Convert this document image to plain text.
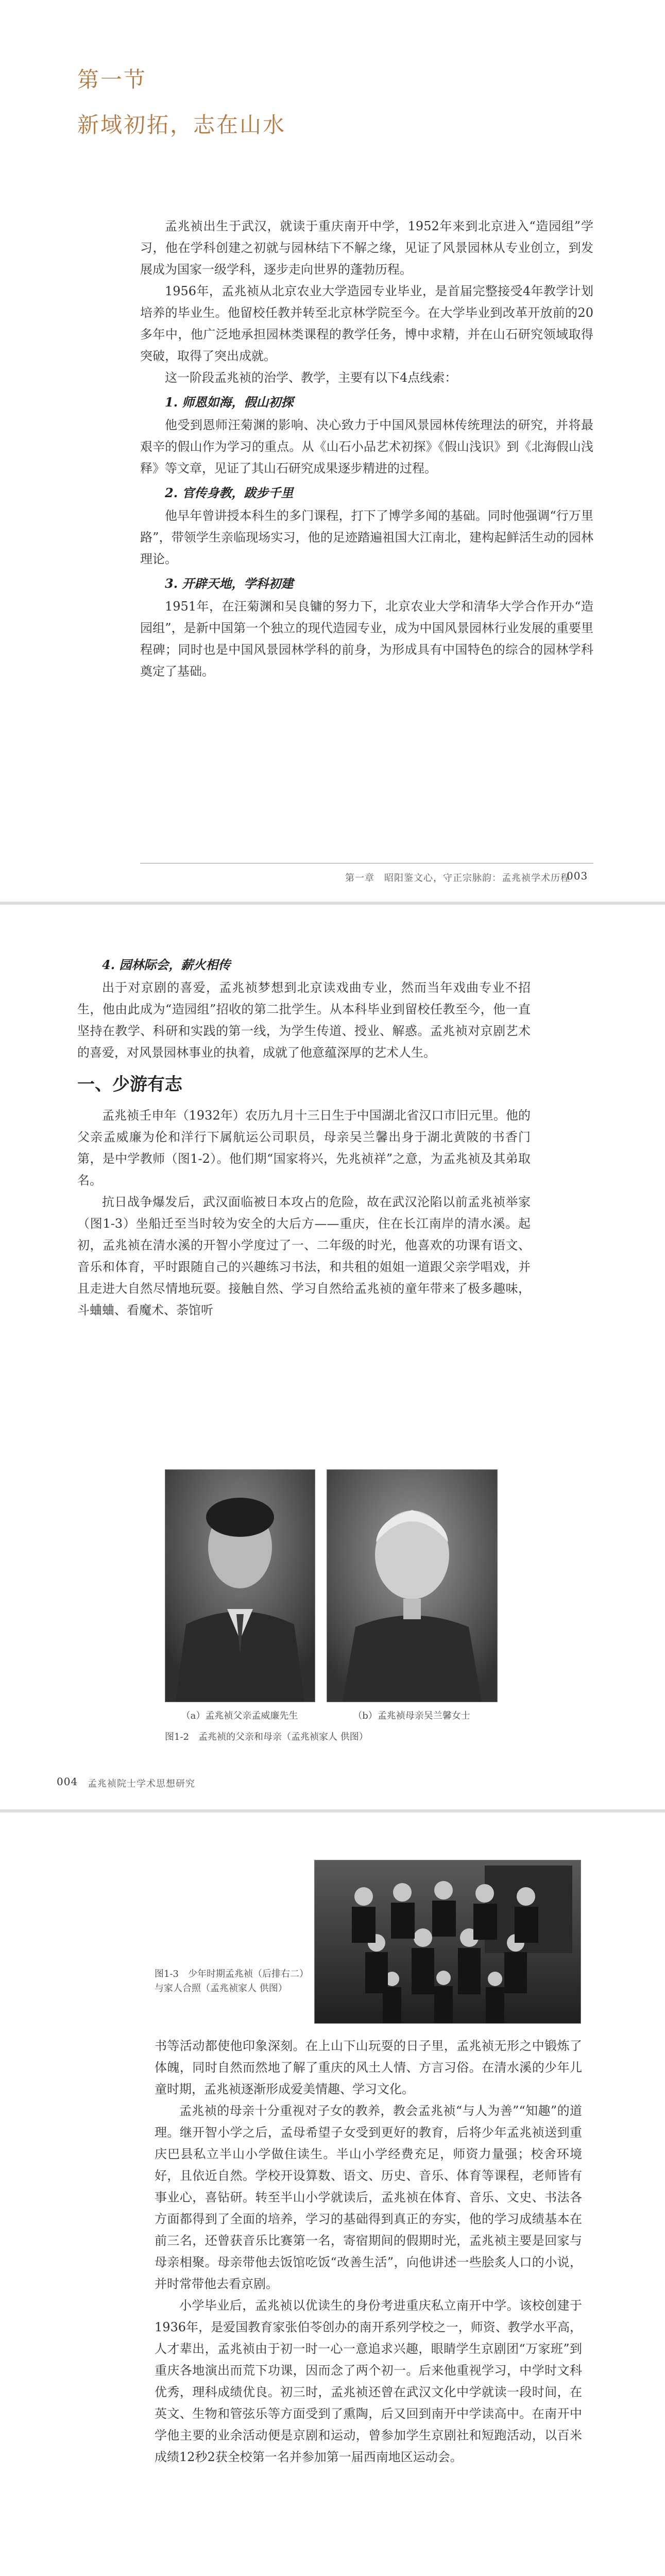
第一节
新域初拓，志在山水

孟兆祯出生于武汉，就读于重庆南开中学，1952年来到北京进入“造园组”学习，他在学科创建之初就与园林结下不解之缘，见证了风景园林从专业创立，到发展成为国家一级学科，逐步走向世界的蓬勃历程。

1956年，孟兆祯从北京农业大学造园专业毕业，是首届完整接受4年教学计划培养的毕业生。他留校任教并转至北京林学院至今。在大学毕业到改革开放前的20多年中，他广泛地承担园林类课程的教学任务，博中求精，并在山石研究领域取得突破，取得了突出成就。

这一阶段孟兆祯的治学、教学，主要有以下4点线索：

1. 师恩如海，假山初探

他受到恩师汪菊渊的影响、决心致力于中国风景园林传统理法的研究，并将最艰辛的假山作为学习的重点。从《山石小品艺术初探》《假山浅识》到《北海假山浅释》等文章，见证了其山石研究成果逐步精进的过程。

2. 官传身教，跋步千里

他早年曾讲授本科生的多门课程，打下了博学多闻的基础。同时他强调“行万里路”，带领学生亲临现场实习，他的足迹踏遍祖国大江南北，建构起鲜活生动的园林理论。

3. 开辟天地，学科初建

1951年，在汪菊渊和吴良镛的努力下，北京农业大学和清华大学合作开办“造园组”，是新中国第一个独立的现代造园专业，成为中国风景园林行业发展的重要里程碑；同时也是中国风景园林学科的前身，为形成具有中国特色的综合的园林学科奠定了基础。

第一章　昭阳鉴文心，守正宗脉韵：孟兆祯学术历程
003

4. 园林际会，薪火相传

出于对京剧的喜爱，孟兆祯梦想到北京读戏曲专业，然而当年戏曲专业不招生，他由此成为“造园组”招收的第二批学生。从本科毕业到留校任教至今，他一直坚持在教学、科研和实践的第一线，为学生传道、授业、解惑。孟兆祯对京剧艺术的喜爱，对风景园林事业的执着，成就了他意蕴深厚的艺术人生。

一、少游有志

孟兆祯壬申年（1932年）农历九月十三日生于中国湖北省汉口市旧元里。他的父亲孟威廉为伦和洋行下属航运公司职员，母亲吴兰馨出身于湖北黄陂的书香门第，是中学教师（图1-2）。他们期“国家将兴，先兆祯祥”之意，为孟兆祯及其弟取名。

抗日战争爆发后，武汉面临被日本攻占的危险，故在武汉沦陷以前孟兆祯举家（图1-3）坐船迁至当时较为安全的大后方——重庆，住在长江南岸的清水溪。起初，孟兆祯在清水溪的开智小学度过了一、二年级的时光，他喜欢的功课有语文、音乐和体育，平时跟随自己的兴趣练习书法，和共租的姐姐一道跟父亲学唱戏，并且走进大自然尽情地玩耍。接触自然、学习自然给孟兆祯的童年带来了极多趣味，斗蛐蛐、看魔术、荼馆听

（a）孟兆祯父亲孟威廉先生	（b）孟兆祯母亲吴兰馨女士
图1-2　孟兆祯的父亲和母亲（孟兆祯家人 供图）
004 孟兆祯院士学术思想研究
图1-3　少年时期孟兆祯（后排右二）与家人合照（孟兆祯家人 供图）

书等活动都使他印象深刻。在上山下山玩耍的日子里，孟兆祯无形之中锻炼了体魄，同时自然而然地了解了重庆的风土人情、方言习俗。在清水溪的少年儿童时期，孟兆祯逐渐形成爱美情趣、学习文化。

孟兆祯的母亲十分重视对子女的教养，教会孟兆祯“与人为善”“知趣”的道理。继开智小学之后，孟母希望子女受到更好的教育，后将少年孟兆祯送到重庆巴县私立半山小学做住读生。半山小学经费充足，师资力量强；校舍环境好，且依近自然。学校开设算数、语文、历史、音乐、体育等课程，老师皆有事业心，喜钻研。转至半山小学就读后，孟兆祯在体育、音乐、文史、书法各方面都得到了全面的培养，学习的基础得到真正的夯实，他的学习成绩基本在前三名，还曾获音乐比赛第一名，寄宿期间的假期时光，孟兆祯主要是回家与母亲相聚。母亲带他去饭馆吃饭“改善生活”，向他讲述一些脍炙人口的小说，并时常带他去看京剧。

小学毕业后，孟兆祯以优读生的身份考进重庆私立南开中学。该校创建于1936年，是爱国教育家张伯苓创办的南开系列学校之一，师资、教学水平高，人才辈出，孟兆祯由于初一时一心一意追求兴趣，眼睛学生京剧团“万家班”到重庆各地演出而荒下功课，因而念了两个初一。后来他重视学习，中学时文科优秀，理科成绩优良。初三时，孟兆祯还曾在武汉文化中学就读一段时间，在英文、生物和管弦乐等方面受到了熏陶，后又回到南开中学读高中。在南开中学他主要的业余活动便是京剧和运动，曾参加学生京剧社和短跑活动，以百米成绩12秒2获全校第一名并参加第一届西南地区运动会。
